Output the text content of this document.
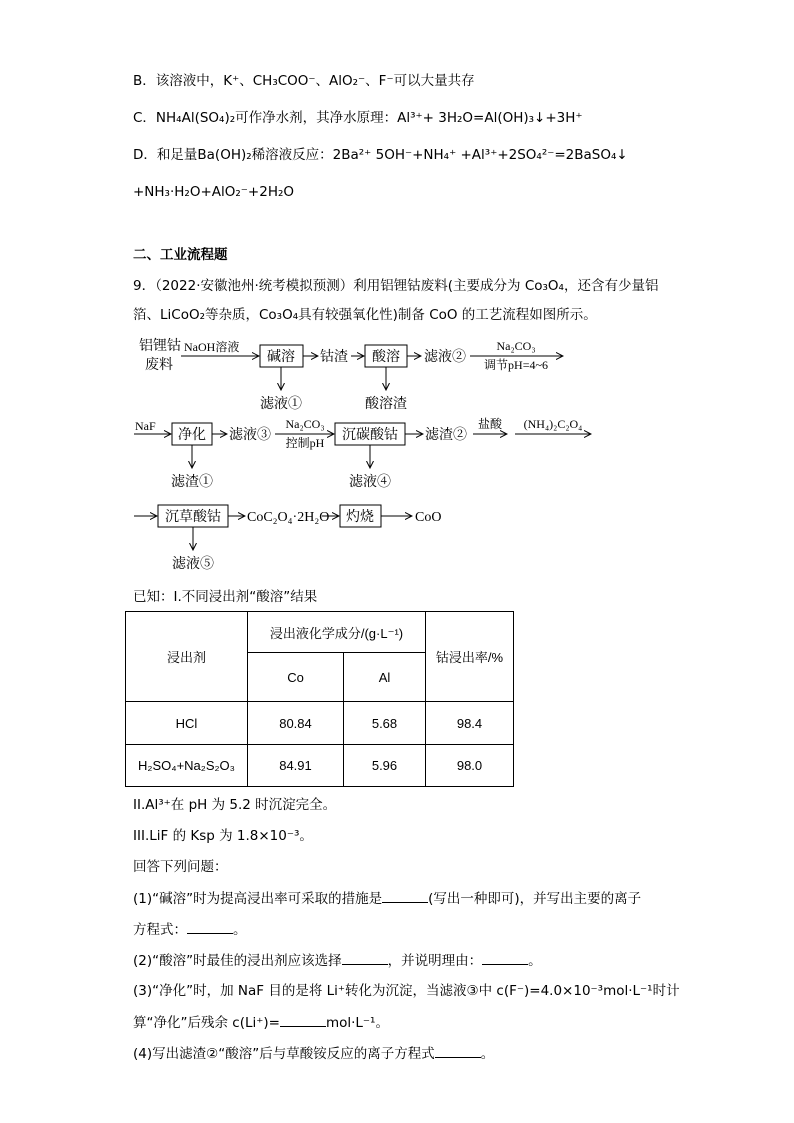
B．该溶液中，K⁺、CH₃COO⁻、AlO₂⁻、F⁻可以大量共存
C．NH₄Al(SO₄)₂可作净水剂，其净水原理：Al³⁺+ 3H₂O=Al(OH)₃↓+3H⁺
D．和足量Ba(OH)₂稀溶液反应：2Ba²⁺ 5OH⁻+NH₄⁺ +Al³⁺+2SO₄²⁻=2BaSO₄↓
+NH₃·H₂O+AlO₂⁻+2H₂O
二、工业流程题
9．（2022·安徽池州·统考模拟预测）利用铝锂钴废料(主要成分为 Co₃O₄，还含有少量铝
箔、LiCoO₂等杂质，Co₃O₄具有较强氧化性)制备 CoO 的工艺流程如图所示。
铝锂钴
废料
NaOH溶液
碱溶 钴渣 酸溶 滤液②
Na₂CO₃
调节pH=4~6
滤液①	酸溶渣
NaF
净化 滤液③
Na₂CO₃
控制pH 沉碳酸钴 滤渣②
盐酸 (NH₄)₂C₂O₄
滤渣①	滤液④
沉草酸钴 CoC₂O₄·2H₂O 灼烧	CoO
滤液⑤
已知：I.不同浸出剂“酸溶”结果
浸出剂	浸出液化学成分/(g·L⁻¹)		钴浸出率/%
	Co	Al	
HCl	80.84	5.68	98.4
H₂SO₄+Na₂S₂O₃	84.91	5.96	98.0
II.Al³⁺在 pH 为 5.2 时沉淀完全。
III.LiF 的 Ksp 为 1.8×10⁻³。
回答下列问题：
(1)“碱溶”时为提高浸出率可采取的措施是	(写出一种即可)，并写出主要的离子
方程式：	。
(2)“酸溶”时最佳的浸出剂应该选择	，并说明理由：	。
(3)“净化”时，加 NaF 目的是将 Li⁺转化为沉淀，当滤液③中 c(F⁻)=4.0×10⁻³mol·L⁻¹时计
算“净化”后残余 c(Li⁺)=	mol·L⁻¹。
(4)写出滤渣②“酸溶”后与草酸铵反应的离子方程式	。
